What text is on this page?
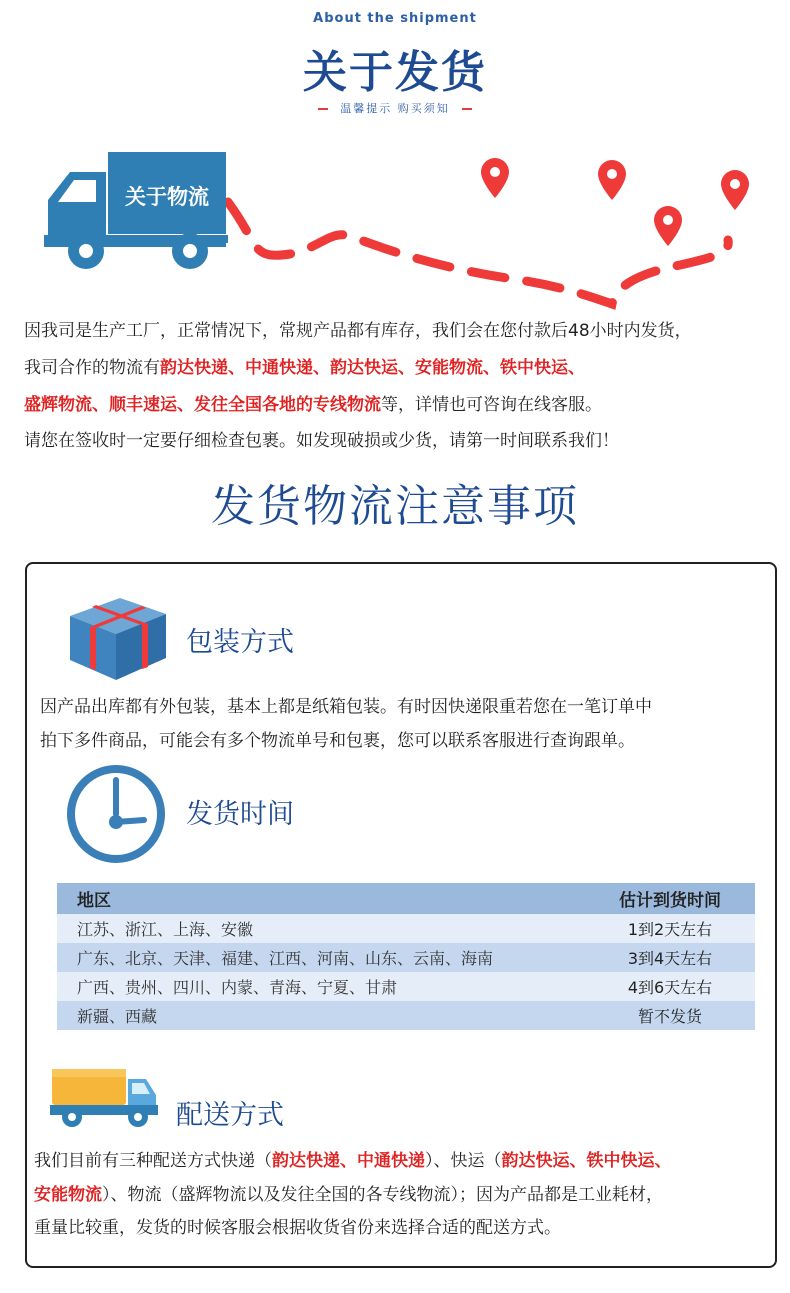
About the shipment
关于发货
温馨提示 购买须知
关于物流
因我司是生产工厂，正常情况下，常规产品都有库存，我们会在您付款后48小时内发货，
我司合作的物流有韵达快递、中通快递、韵达快运、安能物流、铁中快运、
盛辉物流、顺丰速运、发往全国各地的专线物流等，详情也可咨询在线客服。
请您在签收时一定要仔细检查包裹。如发现破损或少货，请第一时间联系我们！
发货物流注意事项
包装方式
因产品出库都有外包装，基本上都是纸箱包装。有时因快递限重若您在一笔订单中
拍下多件商品，可能会有多个物流单号和包裹，您可以联系客服进行查询跟单。
发货时间
地区	估计到货时间
江苏、浙江、上海、安徽	1到2天左右
广东、北京、天津、福建、江西、河南、山东、云南、海南	3到4天左右
广西、贵州、四川、内蒙、青海、宁夏、甘肃	4到6天左右
新疆、西藏	暂不发货
配送方式
我们目前有三种配送方式快递（韵达快递、中通快递）、快运（韵达快运、铁中快运、
安能物流）、物流（盛辉物流以及发往全国的各专线物流）；因为产品都是工业耗材，
重量比较重，发货的时候客服会根据收货省份来选择合适的配送方式。
